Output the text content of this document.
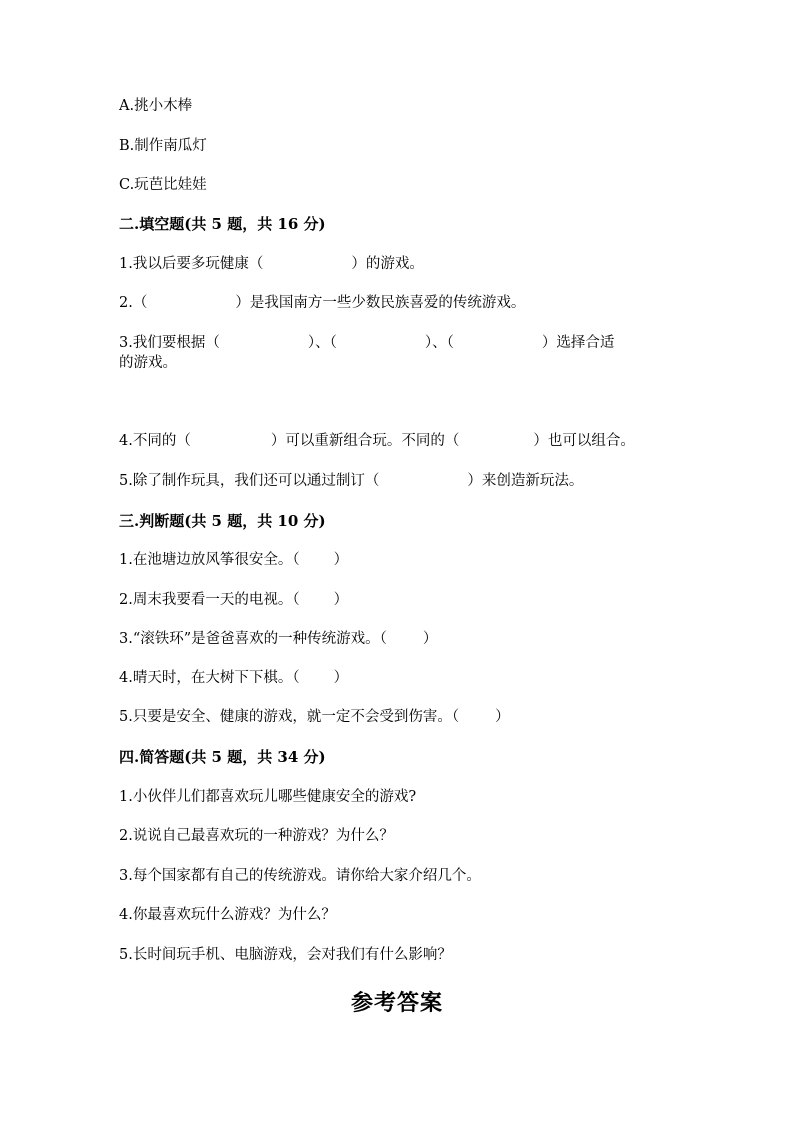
A.挑小木棒
B.制作南瓜灯
C.玩芭比娃娃
二.填空题(共 5 题，共 16 分)
1.我以后要多玩健康（	）的游戏。
2.（	）是我国南方一些少数民族喜爱的传统游戏。
3.我们要根据（	）、（	）、（	）选择合适
的游戏。
4.不同的（	）可以重新组合玩。不同的（	）也可以组合。
5.除了制作玩具，我们还可以通过制订（	）来创造新玩法。
三.判断题(共 5 题，共 10 分)
1.在池塘边放风筝很安全。（ ）
2.周末我要看一天的电视。（ ）
3.“滚铁环”是爸爸喜欢的一种传统游戏。（ ）
4.晴天时，在大树下下棋。（ ）
5.只要是安全、健康的游戏，就一定不会受到伤害。（ ）
四.简答题(共 5 题，共 34 分)
1.小伙伴儿们都喜欢玩儿哪些健康安全的游戏?
2.说说自己最喜欢玩的一种游戏？为什么？
3.每个国家都有自己的传统游戏。请你给大家介绍几个。
4.你最喜欢玩什么游戏？为什么？
5.长时间玩手机、电脑游戏，会对我们有什么影响？
参考答案
